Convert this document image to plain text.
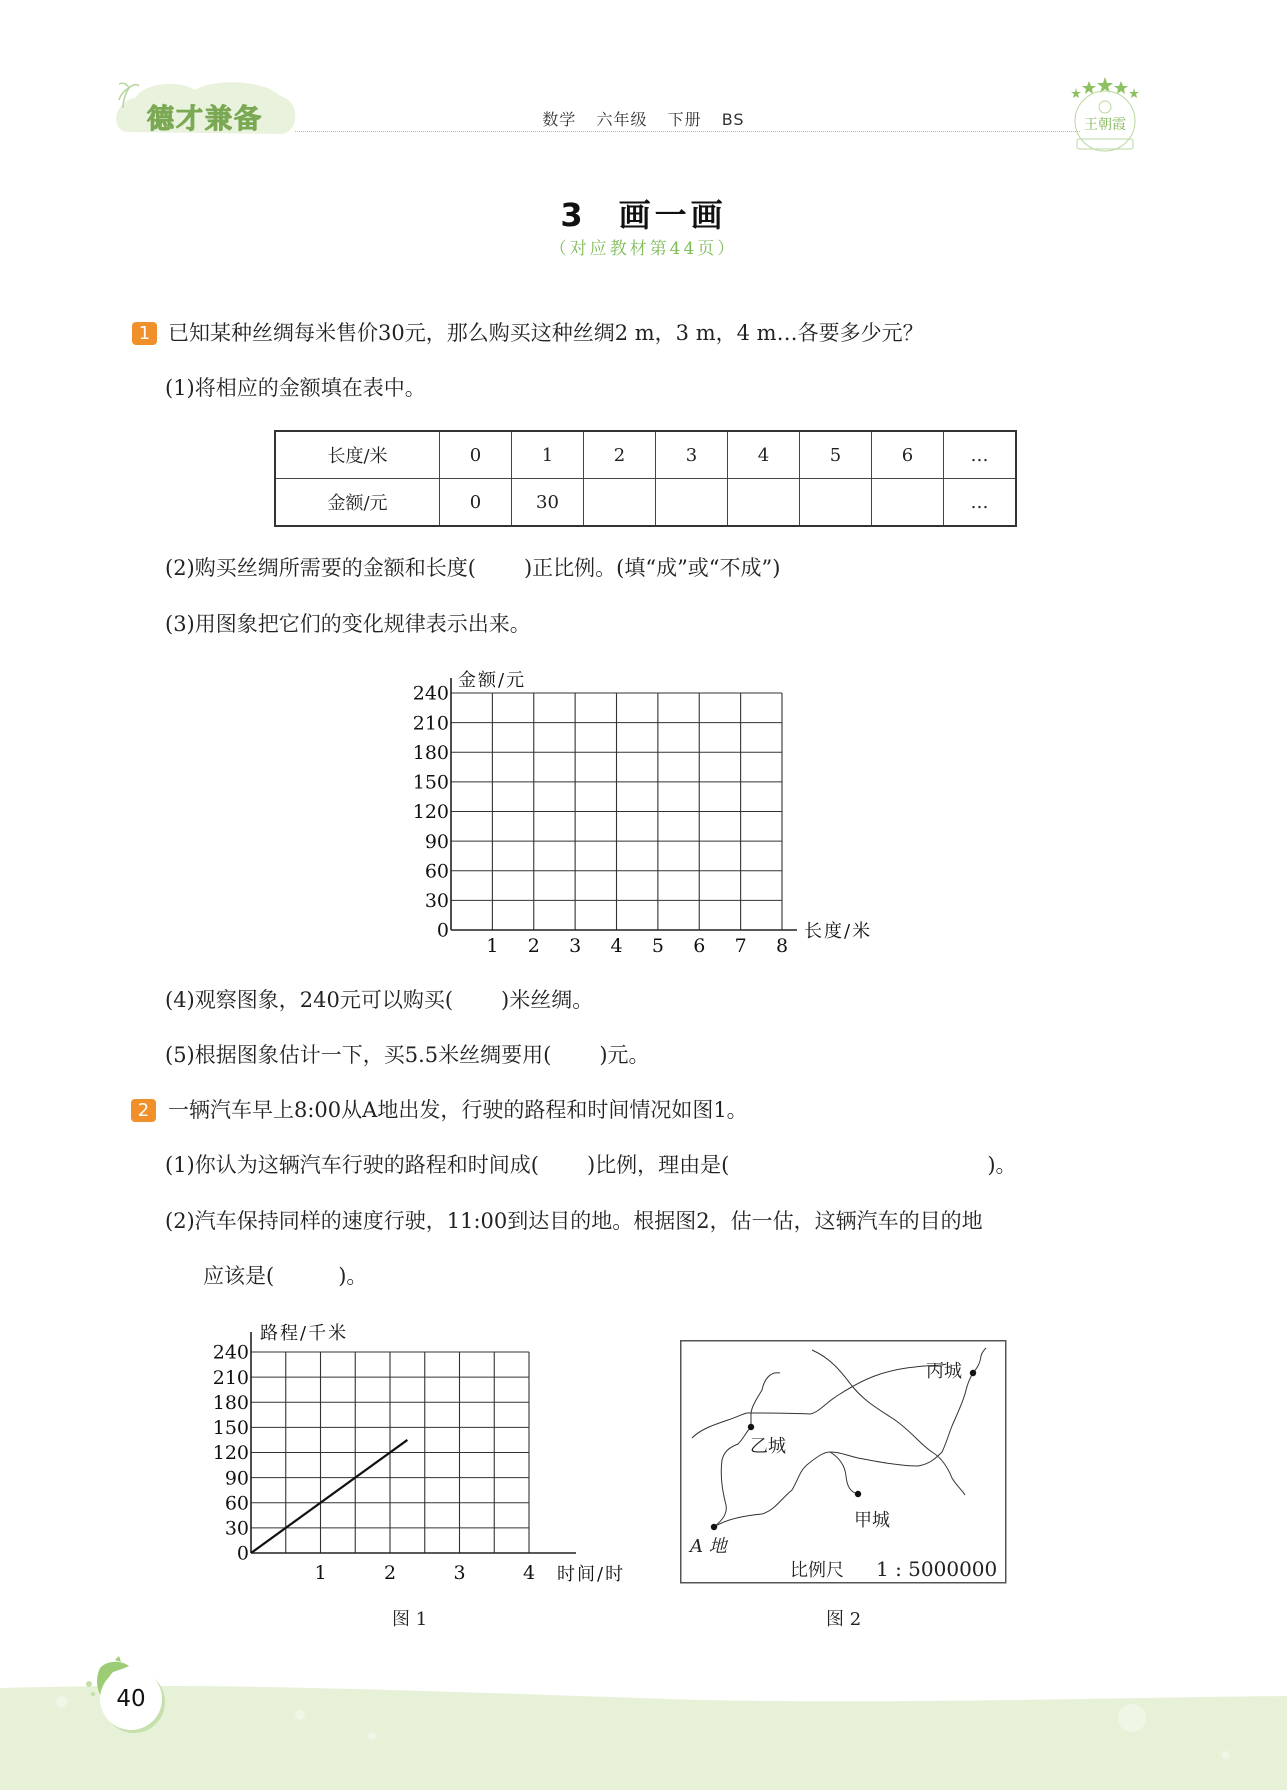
德才兼备	数学 六年级 下册 BS	王朝霞
3 画一画
（对应教材第44页）
1 已知某种丝绸每米售价30元，那么购买这种丝绸2 m，3 m，4 m…各要多少元？
(1)将相应的金额填在表中。
长度/米	0	1	2	3	4	5	6	…
金额/元	0	30						…
(2)购买丝绸所需要的金额和长度( )正比例。(填“成”或“不成”)
(3)用图象把它们的变化规律表示出来。
0
30
60
90
120
150
180
210
240
1 2 3 4 5 6 7 8
长度/米
金额/元
(4)观察图象，240元可以购买( )米丝绸。
(5)根据图象估计一下，买5.5米丝绸要用( )元。
2 一辆汽车早上8:00从A地出发，行驶的路程和时间情况如图1。
(1)你认为这辆汽车行驶的路程和时间成( )比例，理由是(	)。
(2)汽车保持同样的速度行驶，11:00到达目的地。根据图2，估一估，这辆汽车的目的地
应该是(	)。
0
30
60
90
120
150
180
210
240
1	2	3	4 时间/时
路程/千米
图 1
乙城
丙城
甲城
A 地
比例尺 1 : 5000000
图 2
40
